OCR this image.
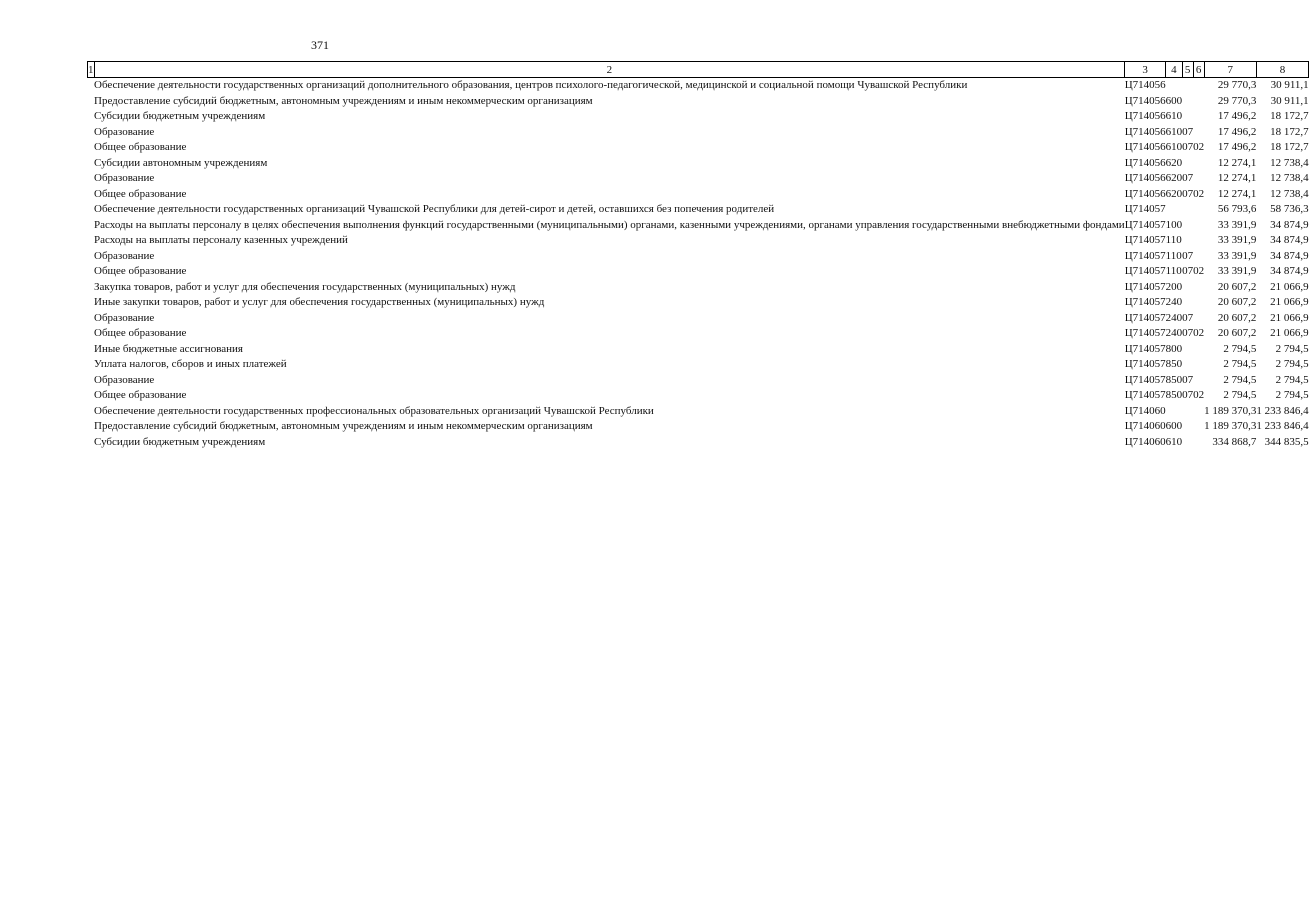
371
1	2	3	4	5	6	7	8
	Обеспечение деятельности государственных организаций дополнительного образования, центров психолого-педагогической, медицинской и социальной помощи Чувашской Республики	Ц714056				29 770,3	30 911,1
	Предоставление субсидий бюджетным, автономным учреждениям и иным некоммерческим организациям	Ц714056	600			29 770,3	30 911,1
	Субсидии бюджетным учреждениям	Ц714056	610			17 496,2	18 172,7
	Образование	Ц714056	610	07		17 496,2	18 172,7
	Общее образование	Ц714056	610	07	02	17 496,2	18 172,7
	Субсидии автономным учреждениям	Ц714056	620			12 274,1	12 738,4
	Образование	Ц714056	620	07		12 274,1	12 738,4
	Общее образование	Ц714056	620	07	02	12 274,1	12 738,4
	Обеспечение деятельности государственных организаций Чувашской Республики для детей-сирот и детей, оставшихся без попечения родителей	Ц714057				56 793,6	58 736,3
	Расходы на выплаты персоналу в целях обеспечения выполнения функций государственными (муниципальными) органами, казенными учреждениями, органами управления государственными внебюджетными фондами	Ц714057	100			33 391,9	34 874,9
	Расходы на выплаты персоналу казенных учреждений	Ц714057	110			33 391,9	34 874,9
	Образование	Ц714057	110	07		33 391,9	34 874,9
	Общее образование	Ц714057	110	07	02	33 391,9	34 874,9
	Закупка товаров, работ и услуг для обеспечения государственных (муниципальных) нужд	Ц714057	200			20 607,2	21 066,9
	Иные закупки товаров, работ и услуг для обеспечения государственных (муниципальных) нужд	Ц714057	240			20 607,2	21 066,9
	Образование	Ц714057	240	07		20 607,2	21 066,9
	Общее образование	Ц714057	240	07	02	20 607,2	21 066,9
	Иные бюджетные ассигнования	Ц714057	800			2 794,5	2 794,5
	Уплата налогов, сборов и иных платежей	Ц714057	850			2 794,5	2 794,5
	Образование	Ц714057	850	07		2 794,5	2 794,5
	Общее образование	Ц714057	850	07	02	2 794,5	2 794,5
	Обеспечение деятельности государственных профессиональных образовательных организаций Чувашской Республики	Ц714060				1 189 370,3	1 233 846,4
	Предоставление субсидий бюджетным, автономным учреждениям и иным некоммерческим организациям	Ц714060	600			1 189 370,3	1 233 846,4
	Субсидии бюджетным учреждениям	Ц714060	610			334 868,7	344 835,5
